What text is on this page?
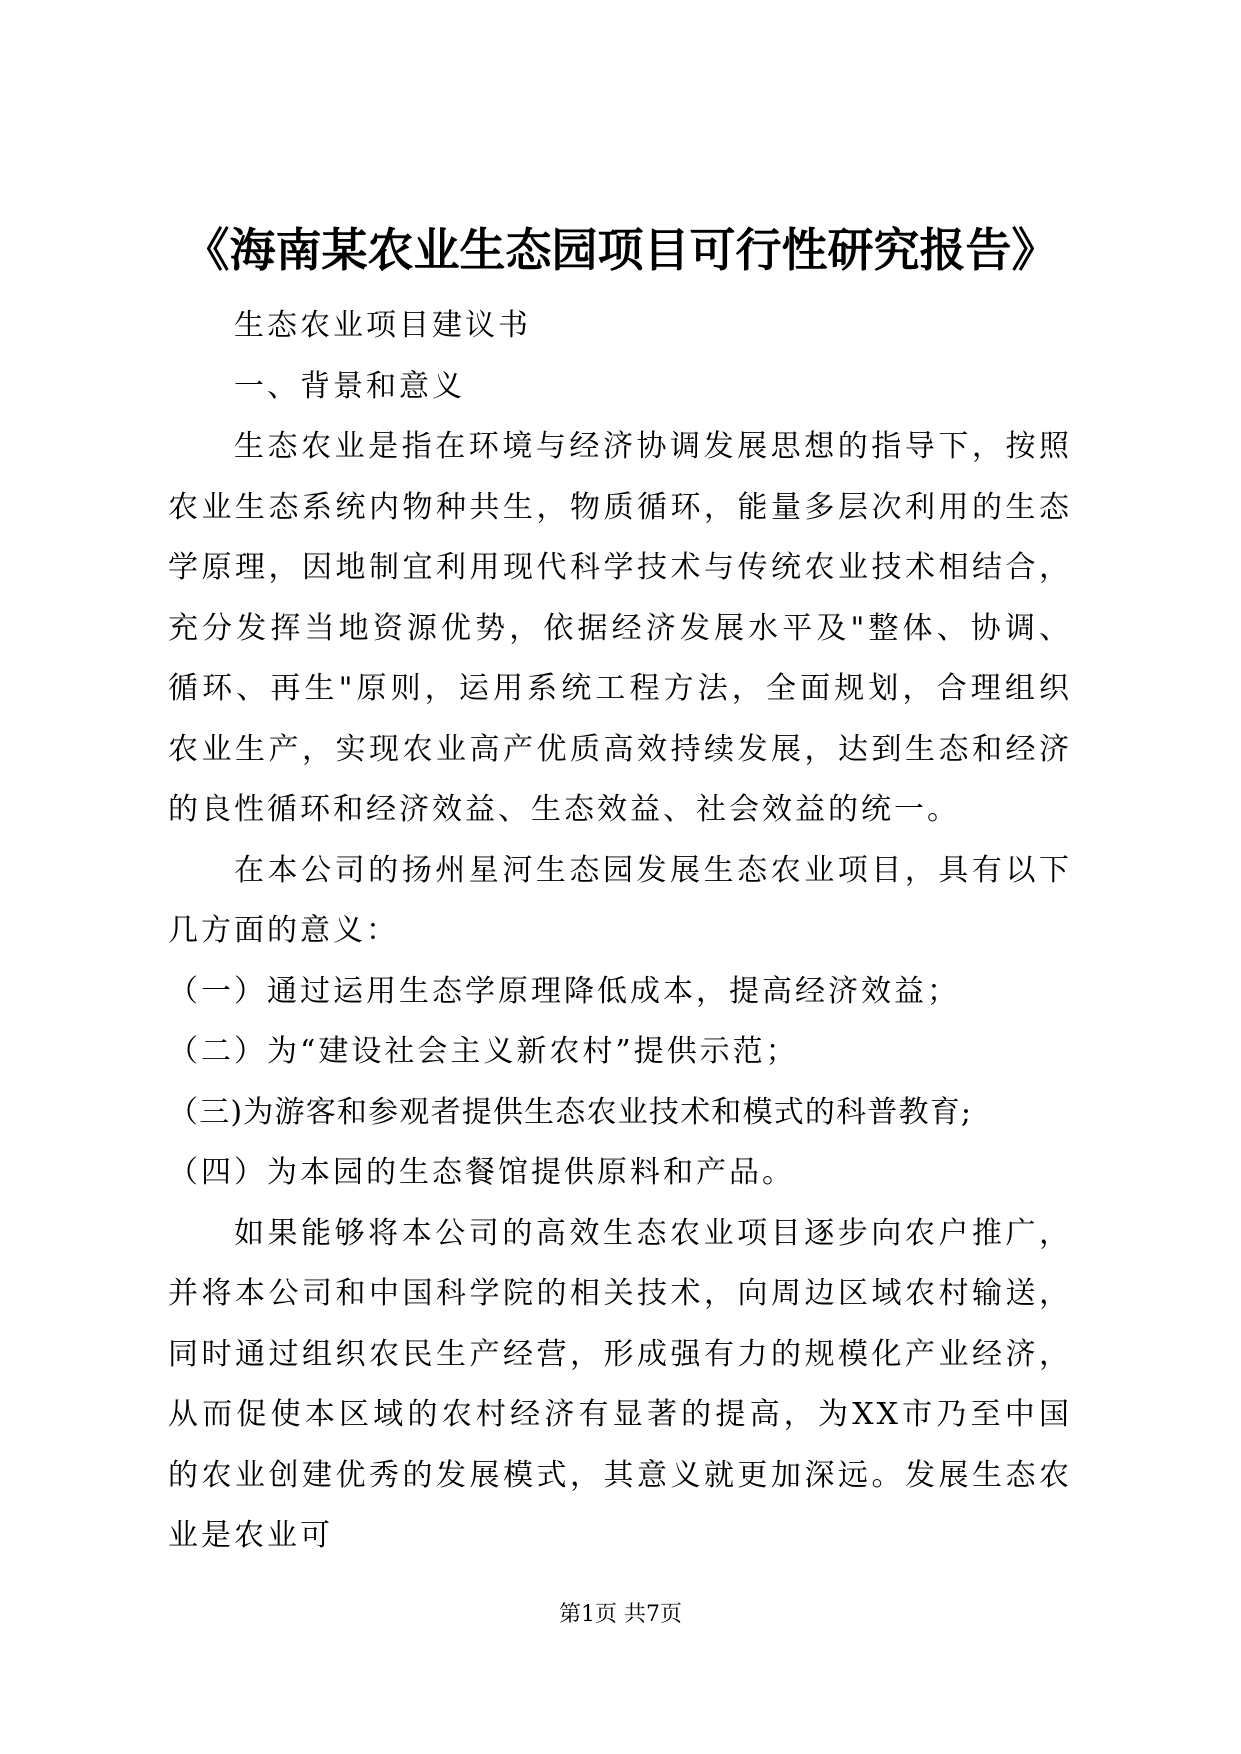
《海南某农业生态园项目可行性研究报告》

生态农业项目建议书

一、背景和意义

生态农业是指在环境与经济协调发展思想的指导下，按照农业生态系统内物种共生，物质循环，能量多层次利用的生态学原理，因地制宜利用现代科学技术与传统农业技术相结合，充分发挥当地资源优势，依据经济发展水平及"整体、协调、循环、再生"原则，运用系统工程方法，全面规划，合理组织农业生产，实现农业高产优质高效持续发展，达到生态和经济的良性循环和经济效益、生态效益、社会效益的统一。

在本公司的扬州星河生态园发展生态农业项目，具有以下几方面的意义：

（一）通过运用生态学原理降低成本，提高经济效益；

（二）为“建设社会主义新农村”提供示范；

（三)为游客和参观者提供生态农业技术和模式的科普教育;

（四）为本园的生态餐馆提供原料和产品。

如果能够将本公司的高效生态农业项目逐步向农户推广，并将本公司和中国科学院的相关技术，向周边区域农村输送，同时通过组织农民生产经营，形成强有力的规模化产业经济，从而促使本区域的农村经济有显著的提高，为XX市乃至中国的农业创建优秀的发展模式，其意义就更加深远。发展生态农业是农业可

第1页 共7页
